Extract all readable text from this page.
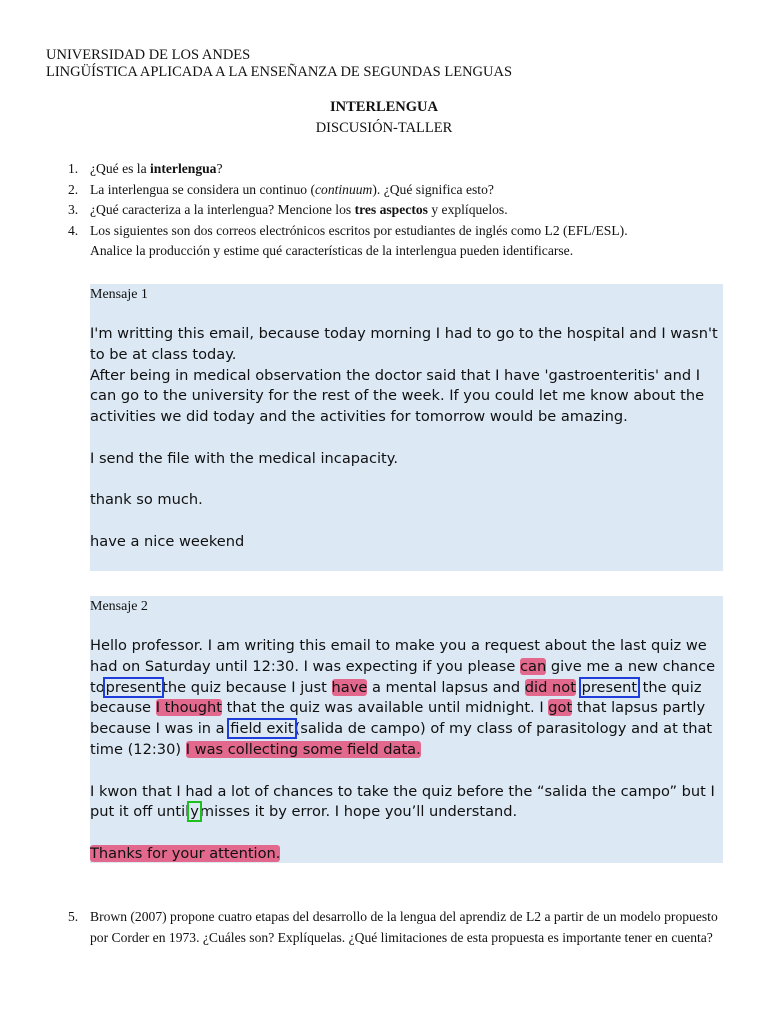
UNIVERSIDAD DE LOS ANDES
LINGÜÍSTICA APLICADA A LA ENSEÑANZA DE SEGUNDAS LENGUAS
INTERLENGUA
DISCUSIÓN-TALLER
1. ¿Qué es la interlengua?
2. La interlengua se considera un continuo (continuum). ¿Qué significa esto?
3. ¿Qué caracteriza a la interlengua? Mencione los tres aspectos y explíquelos.
4. Los siguientes son dos correos electrónicos escritos por estudiantes de inglés como L2 (EFL/ESL).
Analice la producción y estime qué características de la interlengua pueden identificarse.
Mensaje 1

I'm writting this email, because today morning I had to go to the hospital and I wasn't to be at class today.
After being in medical observation the doctor said that I have 'gastroenteritis' and I can go to the university for the rest of the week. If you could let me know about the activities we did today and the activities for tomorrow would be amazing.

I send the file with the medical incapacity.

thank so much.

have a nice weekend

Mensaje 2

Hello professor. I am writing this email to make you a request about the last quiz we had on Saturday until 12:30. I was expecting if you please can give me a new chance topresentthe quiz because I just have a mental lapsus and did not present the quiz because I thought that the quiz was available until midnight. I got that lapsus partly because I was in a field exit(salida de campo) of my class of parasitology and at that time (12:30) I was collecting some field data.

I kwon that I had a lot of chances to take the quiz before the “salida the campo” but I put it off untilymisses it by error. I hope you’ll understand.

Thanks for your attention.

5. Brown (2007) propone cuatro etapas del desarrollo de la lengua del aprendiz de L2 a partir de un modelo propuesto por Corder en 1973. ¿Cuáles son? Explíquelas. ¿Qué limitaciones de esta propuesta es importante tener en cuenta?
